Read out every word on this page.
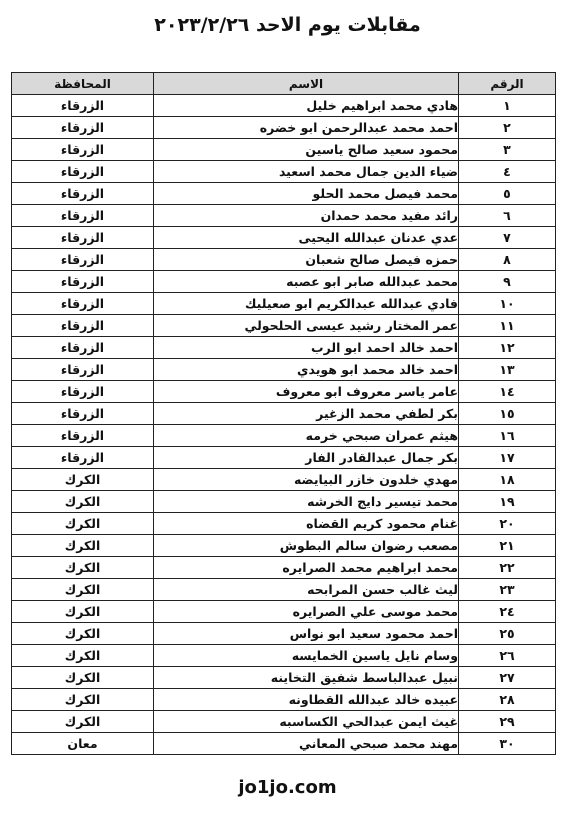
مقابلات يوم الاحد ٢٠٢٣/٢/٢٦
الرقم	الاسم	المحافظة
١	هادي محمد ابراهيم خليل	الزرقاء
٢	احمد محمد عبدالرحمن ابو خضره	الزرقاء
٣	محمود سعيد صالح ياسين	الزرقاء
٤	ضياء الدين جمال محمد اسعيد	الزرقاء
٥	محمد فيصل محمد الحلو	الزرقاء
٦	رائد مفيد محمد حمدان	الزرقاء
٧	عدي عدنان عبدالله اليحيى	الزرقاء
٨	حمزه فيصل صالح شعبان	الزرقاء
٩	محمد عبدالله صابر ابو عصبه	الزرقاء
١٠	فادي عبدالله عبدالكريم ابو صعيليك	الزرقاء
١١	عمر المختار رشيد عيسى الحلحولي	الزرقاء
١٢	احمد خالد احمد ابو الرب	الزرقاء
١٣	احمد خالد محمد ابو هويدي	الزرقاء
١٤	عامر ياسر معروف ابو معروف	الزرقاء
١٥	بكر لطفي محمد الزغير	الزرقاء
١٦	هيثم عمران صبحي خرمه	الزرقاء
١٧	بكر جمال عبدالقادر الفار	الزرقاء
١٨	مهدي خلدون خازر البيايضه	الكرك
١٩	محمد تيسير دايج الخرشه	الكرك
٢٠	غنام محمود كريم القضاه	الكرك
٢١	مصعب رضوان سالم البطوش	الكرك
٢٢	محمد ابراهيم محمد الصرايره	الكرك
٢٣	ليث غالب حسن المرابحه	الكرك
٢٤	محمد موسى علي الصرايره	الكرك
٢٥	احمد محمود سعيد ابو نواس	الكرك
٢٦	وسام نايل ياسين الخمايسه	الكرك
٢٧	نبيل عبدالباسط شفيق التخاينه	الكرك
٢٨	عبيده خالد عبدالله القطاونه	الكرك
٢٩	غيث ايمن عبدالحي الكساسبه	الكرك
٣٠	مهند محمد صبحي المعاني	معان
jo1jo.com
